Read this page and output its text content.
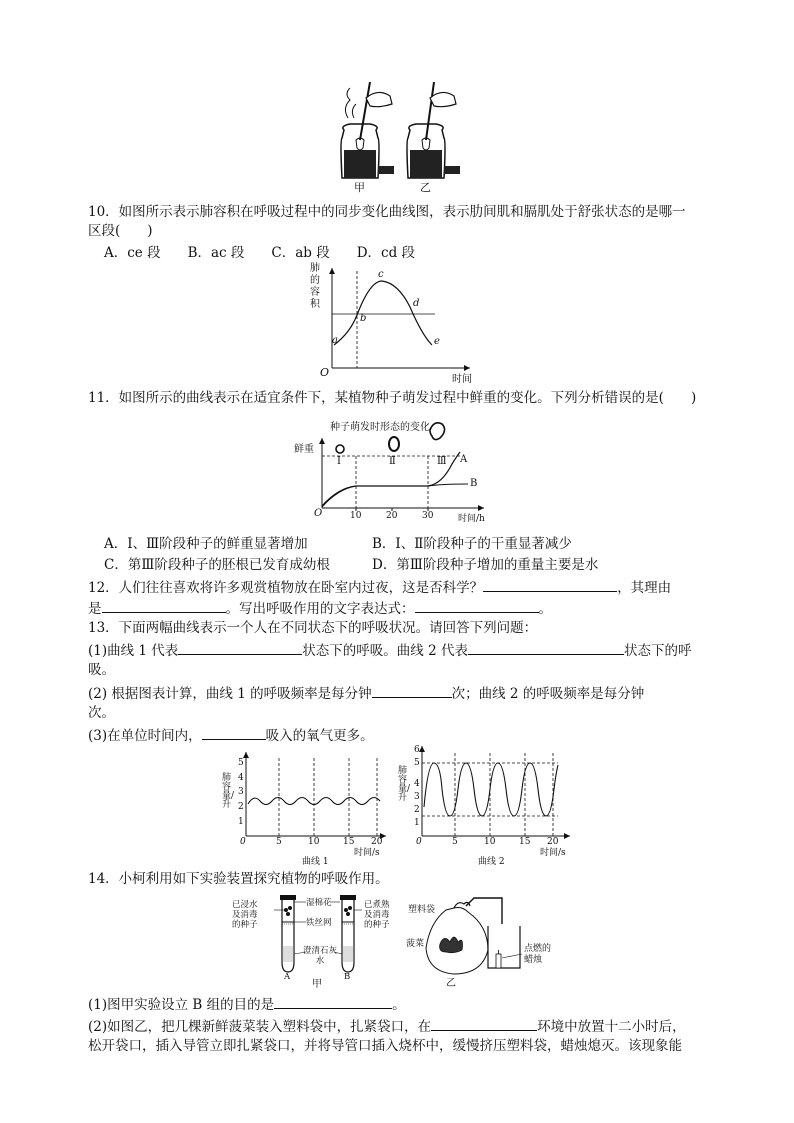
甲	乙
10．如图所示表示肺容积在呼吸过程中的同步变化曲线图，表示肋间肌和膈肌处于舒张状态的是哪一
区段(　　)
A．ce 段　　B．ac 段　　C．ab 段　　D．cd 段
肺的容积
O
时间
a
b
c
d
e
11．如图所示的曲线表示在适宜条件下，某植物种子萌发过程中鲜重的变化。下列分析错误的是(　　)
种子萌发时形态的变化
鲜重
O	10	20	30	时间/h
Ⅰ	Ⅱ	Ⅲ A
B
A．Ⅰ、Ⅲ阶段种子的鲜重显著增加	B．Ⅰ、Ⅱ阶段种子的干重显著减少
C．第Ⅲ阶段种子的胚根已发育成幼根	D．第Ⅲ阶段种子增加的重量主要是水
12．人们往往喜欢将许多观赏植物放在卧室内过夜，这是否科学？	，其理由
是	。写出呼吸作用的文字表达式：	。
13．下面两幅曲线表示一个人在不同状态下的呼吸状况。请回答下列问题：
(1)曲线 1 代表	状态下的呼吸。曲线 2 代表	状态下的呼
吸。
(2) 根据图表计算，曲线 1 的呼吸频率是每分钟	次；曲线 2 的呼吸频率是每分钟
次。
(3)在单位时间内，	吸入的氧气更多。
肺容量/升
1
2
3
4
5
0	5	10	15 20
时间/s
曲线 1
肺容量/升
1
2
3
4
5
6
0	5	10	15 20
时间/s
曲线 2
14．小柯利用如下实验装置探究植物的呼吸作用。
已浸水及消毒的种子
湿棉花
铁丝网
已煮熟及消毒的种子
澄清石灰水
A	B
甲
塑料袋
菠菜	点燃的蜡烛
乙
(1)图甲实验设立 B 组的目的是	。
(2)如图乙，把几棵新鲜菠菜装入塑料袋中，扎紧袋口，在	环境中放置十二小时后，
松开袋口，插入导管立即扎紧袋口，并将导管口插入烧杯中，缓慢挤压塑料袋，蜡烛熄灭。该现象能
